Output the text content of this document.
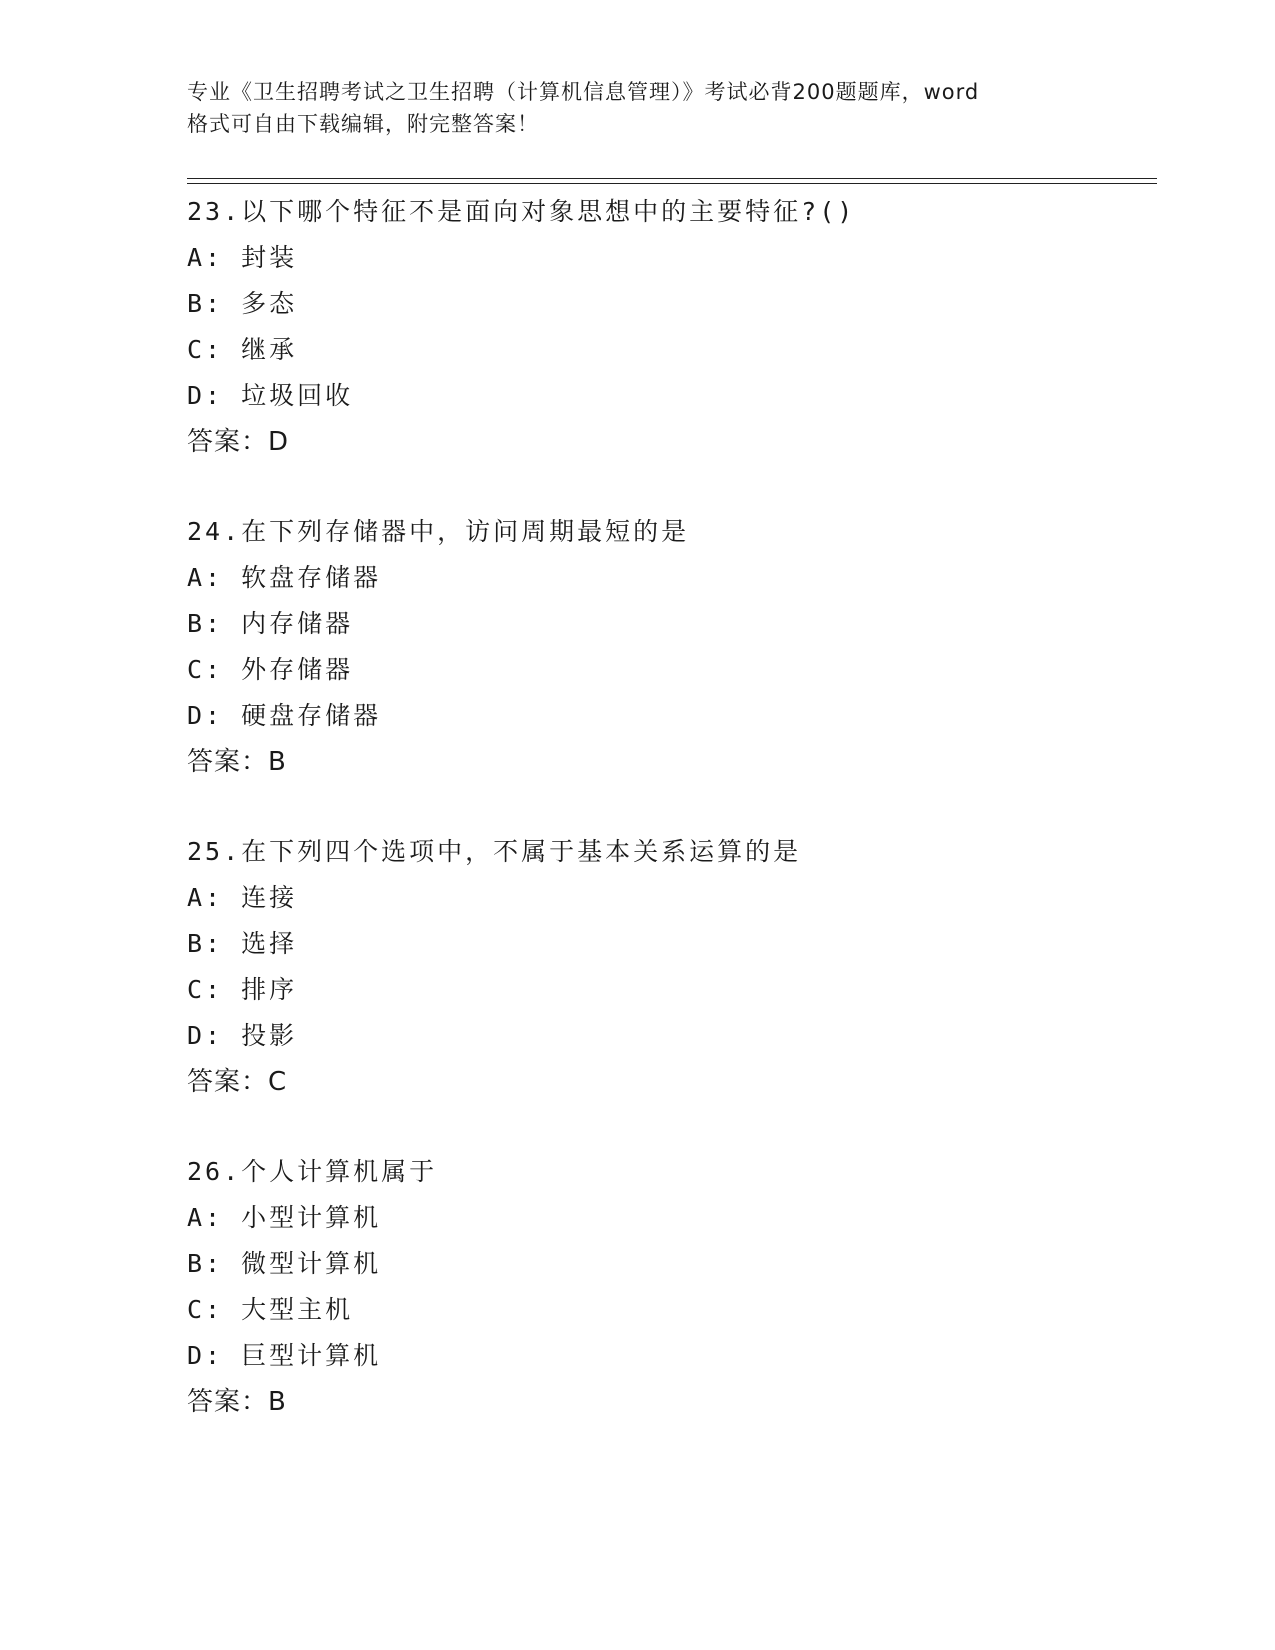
专业《卫生招聘考试之卫生招聘（计算机信息管理）》考试必背200题题库，word
格式可自由下载编辑，附完整答案！
23.以下哪个特征不是面向对象思想中的主要特征?()
A: 封装
B: 多态
C: 继承
D: 垃圾回收
答案：D
24.在下列存储器中，访问周期最短的是
A: 软盘存储器
B: 内存储器
C: 外存储器
D: 硬盘存储器
答案：B
25.在下列四个选项中，不属于基本关系运算的是
A: 连接
B: 选择
C: 排序
D: 投影
答案：C
26.个人计算机属于
A: 小型计算机
B: 微型计算机
C: 大型主机
D: 巨型计算机
答案：B
